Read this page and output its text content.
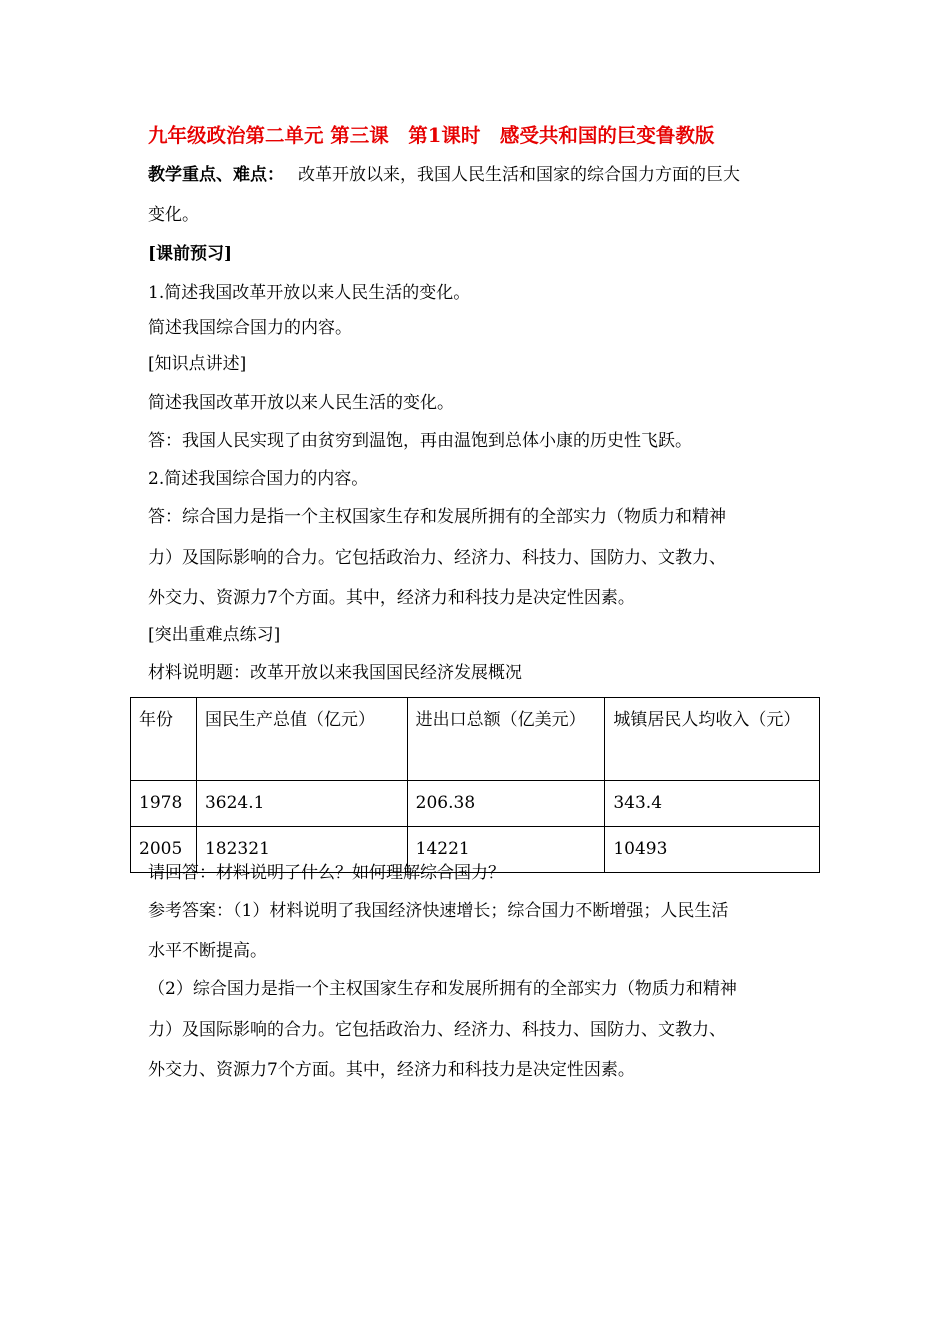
九年级政治第二单元 第三课　第1课时　感受共和国的巨变鲁教版
教学重点、难点： 改革开放以来，我国人民生活和国家的综合国力方面的巨大
变化。
[课前预习]
1.简述我国改革开放以来人民生活的变化。
简述我国综合国力的内容。
[知识点讲述]
简述我国改革开放以来人民生活的变化。
答：我国人民实现了由贫穷到温饱，再由温饱到总体小康的历史性飞跃。
2.简述我国综合国力的内容。
答：综合国力是指一个主权国家生存和发展所拥有的全部实力（物质力和精神
力）及国际影响的合力。它包括政治力、经济力、科技力、国防力、文教力、
外交力、资源力7个方面。其中，经济力和科技力是决定性因素。
[突出重难点练习]
材料说明题：改革开放以来我国国民经济发展概况
年份	国民生产总值（亿元）	进出口总额（亿美元）	城镇居民人均收入（元）
1978	3624.1	206.38	343.4
2005	182321	14221	10493
请回答：材料说明了什么？如何理解综合国力？
参考答案：（1）材料说明了我国经济快速增长；综合国力不断增强；人民生活
水平不断提高。
（2）综合国力是指一个主权国家生存和发展所拥有的全部实力（物质力和精神
力）及国际影响的合力。它包括政治力、经济力、科技力、国防力、文教力、
外交力、资源力7个方面。其中，经济力和科技力是决定性因素。
